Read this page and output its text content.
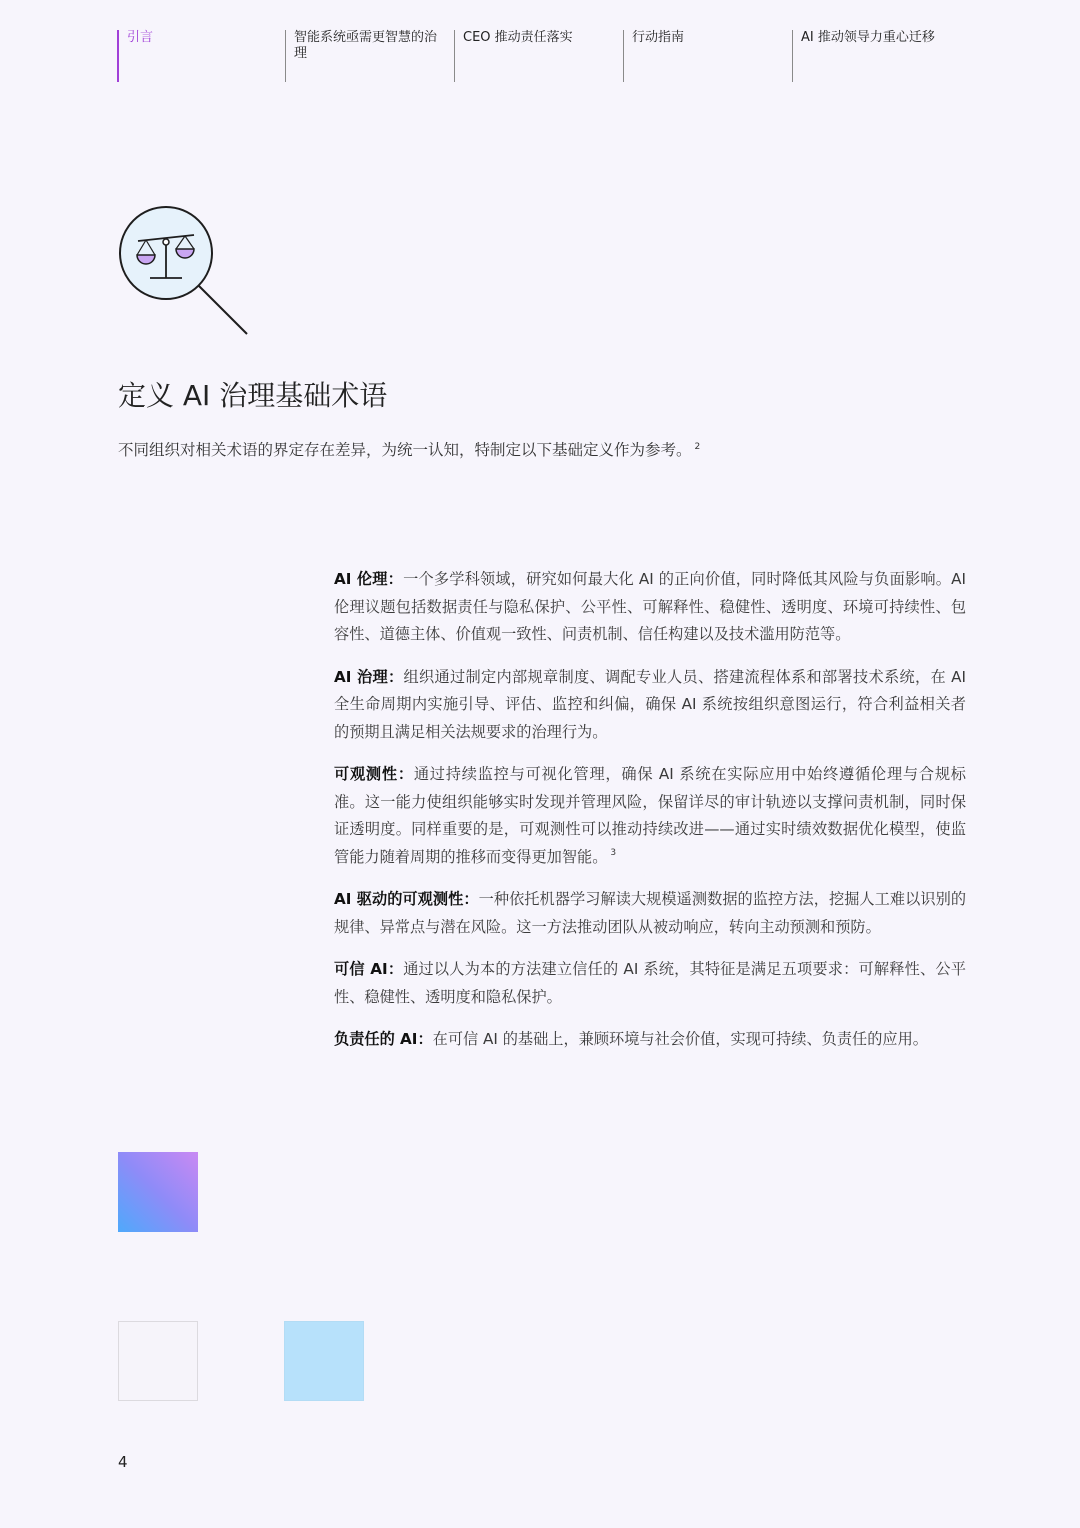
引言	智能系统亟需更智慧的治理
CEO 推动责任落实	行动指南	AI 推动领导力重心迁移
定义 AI 治理基础术语

不同组织对相关术语的界定存在差异，为统一认知，特制定以下基础定义作为参考。 $^2$

AI 伦理：一个多学科领域，研究如何最大化 AI 的正向价值，同时降低其风险与负面影响。AI 伦理议题包括数据责任与隐私保护、公平性、可解释性、稳健性、透明度、环境可持续性、包容性、道德主体、价值观一致性、问责机制、信任构建以及技术滥用防范等。

AI 治理：组织通过制定内部规章制度、调配专业人员、搭建流程体系和部署技术系统，在 AI 全生命周期内实施引导、评估、监控和纠偏，确保 AI 系统按组织意图运行，符合利益相关者的预期且满足相关法规要求的治理行为。

可观测性：通过持续监控与可视化管理，确保 AI 系统在实际应用中始终遵循伦理与合规标准。这一能力使组织能够实时发现并管理风险，保留详尽的审计轨迹以支撑问责机制，同时保证透明度。同样重要的是，可观测性可以推动持续改进——通过实时绩效数据优化模型，使监管能力随着周期的推移而变得更加智能。 $^3$

AI 驱动的可观测性：一种依托机器学习解读大规模遥测数据的监控方法，挖掘人工难以识别的规律、异常点与潜在风险。这一方法推动团队从被动响应，转向主动预测和预防。

可信 AI：通过以人为本的方法建立信任的 AI 系统，其特征是满足五项要求：可解释性、公平性、稳健性、透明度和隐私保护。

负责任的 AI：在可信 AI 的基础上，兼顾环境与社会价值，实现可持续、负责任的应用。

4
